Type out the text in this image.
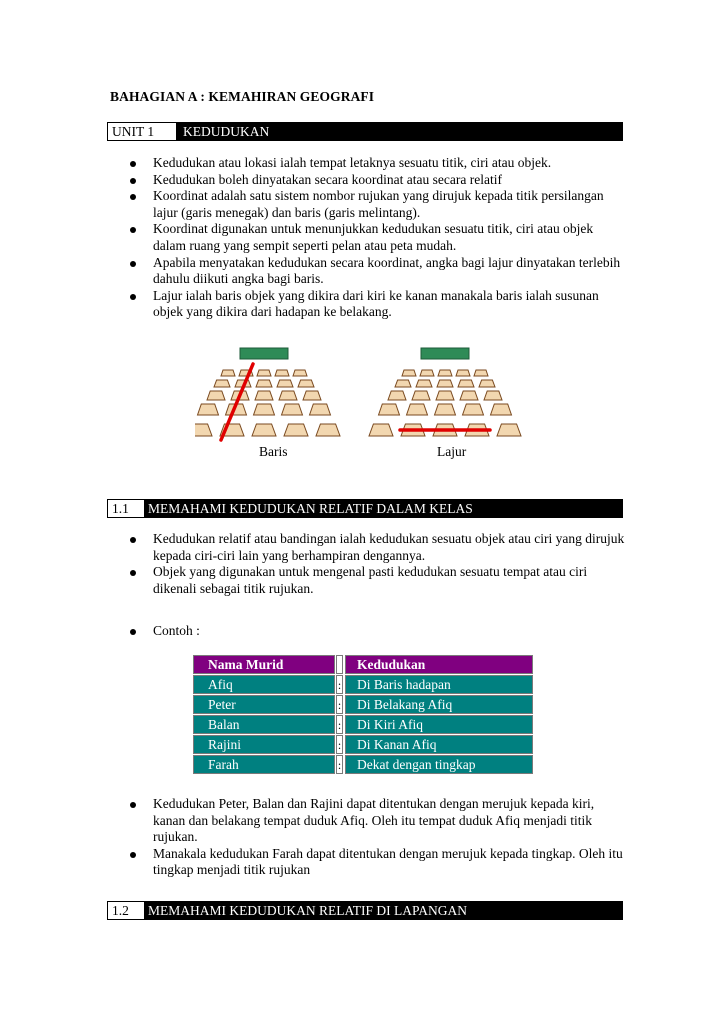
BAHAGIAN A : KEMAHIRAN GEOGRAFI
UNIT 1	KEDUDUKAN
Kedudukan atau lokasi ialah tempat letaknya sesuatu titik, ciri atau objek.
Kedudukan boleh dinyatakan secara koordinat atau secara relatif
Koordinat adalah satu sistem nombor rujukan yang dirujuk kepada titik persilangan lajur (garis menegak) dan baris (garis melintang).
Koordinat digunakan untuk menunjukkan kedudukan sesuatu titik, ciri atau objek dalam ruang yang sempit seperti pelan atau peta mudah.
Apabila menyatakan kedudukan secara koordinat, angka bagi lajur dinyatakan terlebih dahulu diikuti angka bagi baris.
Lajur ialah baris objek yang dikira dari kiri ke kanan manakala baris ialah susunan objek yang dikira dari hadapan ke belakang.
Baris	Lajur
1.1	MEMAHAMI KEDUDUKAN RELATIF DALAM KELAS
Kedudukan relatif atau bandingan ialah kedudukan sesuatu objek atau ciri yang dirujuk kepada ciri-ciri lain yang berhampiran dengannya.
Objek yang digunakan untuk mengenal pasti kedudukan sesuatu tempat atau ciri dikenali sebagai titik rujukan.
Contoh :
Nama Murid	Kedudukan
Afiq	:	Di Baris hadapan
Peter	:	Di Belakang Afiq
Balan	:	Di Kiri Afiq
Rajini	:	Di Kanan Afiq
Farah	:	Dekat dengan tingkap
Kedudukan Peter, Balan dan Rajini dapat ditentukan dengan merujuk kepada kiri, kanan dan belakang tempat duduk Afiq. Oleh itu tempat duduk Afiq menjadi titik rujukan.
Manakala kedudukan Farah dapat ditentukan dengan merujuk kepada tingkap. Oleh itu tingkap menjadi titik rujukan
1.2	MEMAHAMI KEDUDUKAN RELATIF DI LAPANGAN
